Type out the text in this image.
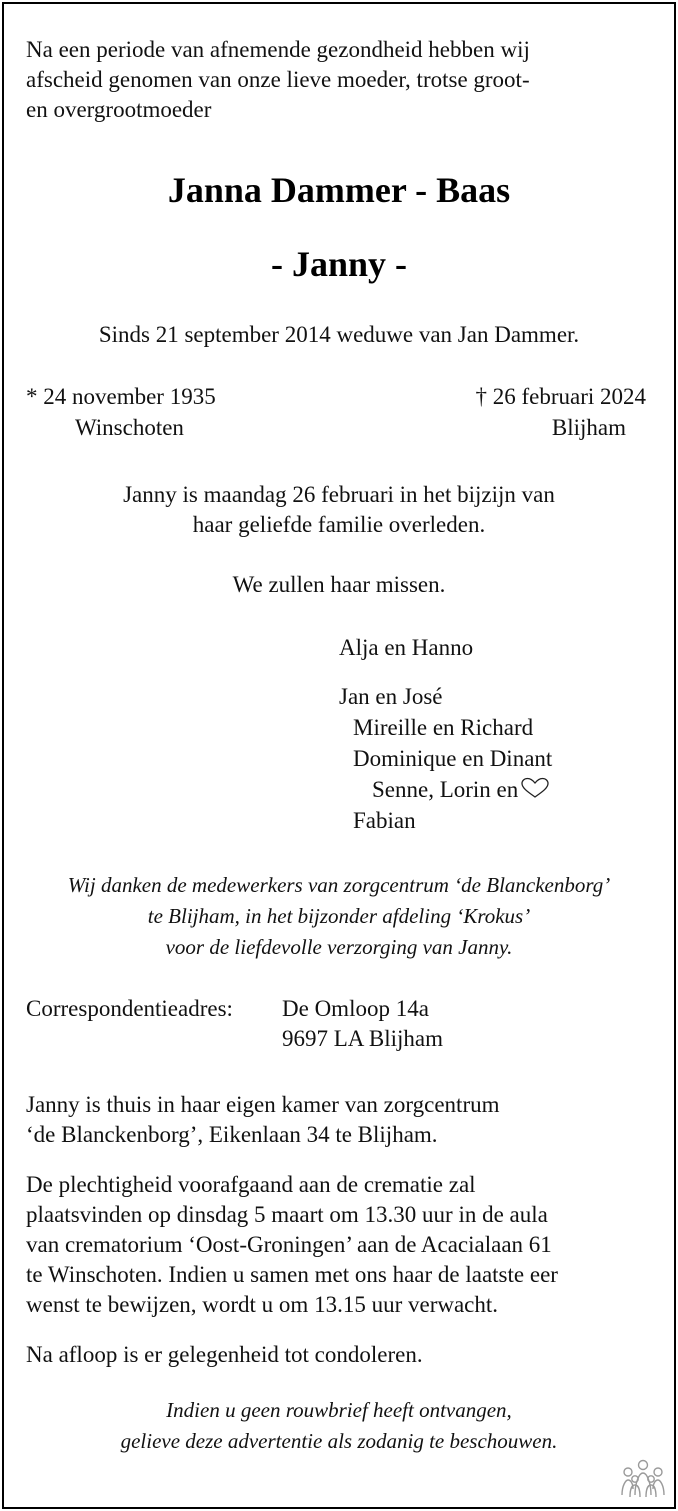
Na een periode van afnemende gezondheid hebben wij
afscheid genomen van onze lieve moeder, trotse groot-
en overgrootmoeder

Janna Dammer - Baas
- Janny -

Sinds 21 september 2014 weduwe van Jan Dammer.

* 24 november 1935
Winschoten
† 26 februari 2024
Blijham

Janny is maandag 26 februari in het bijzijn van
haar geliefde familie overleden.

We zullen haar missen.

Alja en Hanno
Jan en José
Mireille en Richard
Dominique en Dinant
Senne, Lorin en
Fabian

Wij danken de medewerkers van zorgcentrum ‘de Blanckenborg’
te Blijham, in het bijzonder afdeling ‘Krokus’
voor de liefdevolle verzorging van Janny.

Correspondentieadres: De Omloop 14a
9697 LA Blijham

Janny is thuis in haar eigen kamer van zorgcentrum
‘de Blanckenborg’, Eikenlaan 34 te Blijham.

De plechtigheid voorafgaand aan de crematie zal
plaatsvinden op dinsdag 5 maart om 13.30 uur in de aula
van crematorium ‘Oost-Groningen’ aan de Acacialaan 61
te Winschoten. Indien u samen met ons haar de laatste eer
wenst te bewijzen, wordt u om 13.15 uur verwacht.

Na afloop is er gelegenheid tot condoleren.

Indien u geen rouwbrief heeft ontvangen,
gelieve deze advertentie als zodanig te beschouwen.
